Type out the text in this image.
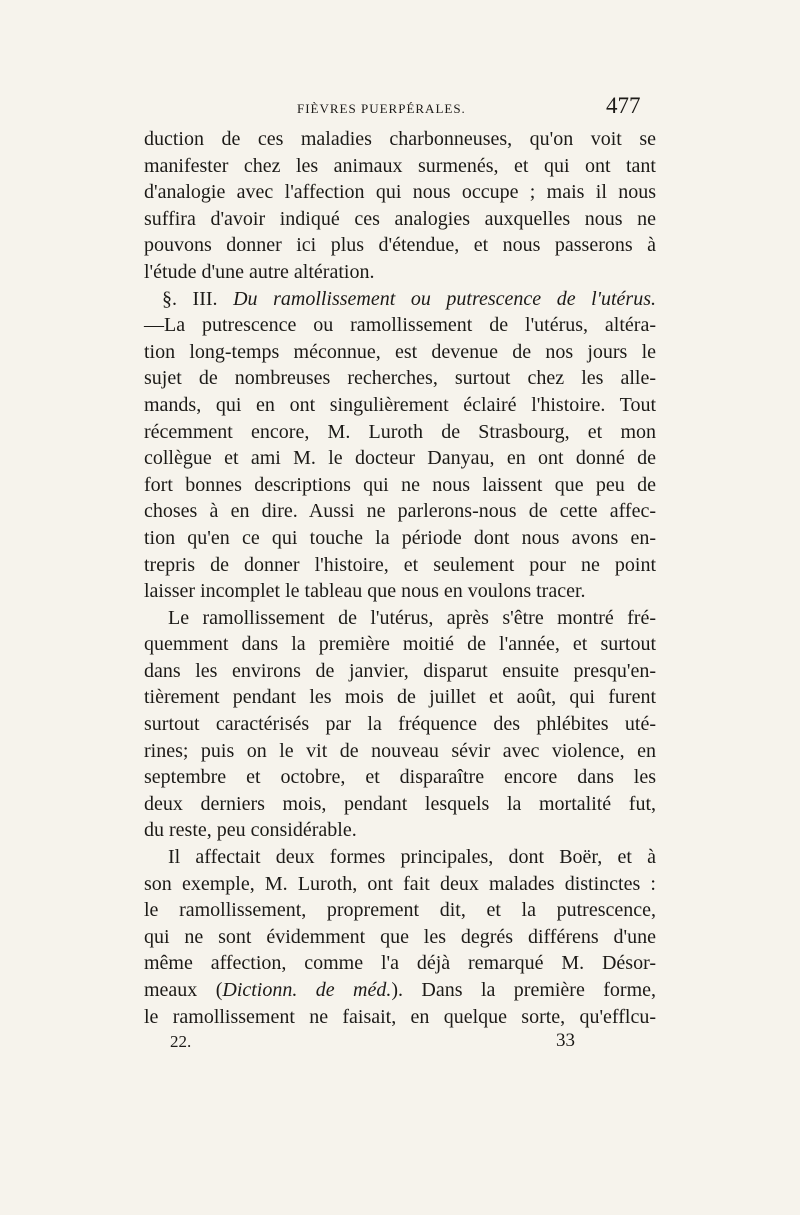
FIÈVRES PUERPÉRALES.	477
duction de ces maladies charbonneuses, qu'on voit se
manifester chez les animaux surmenés, et qui ont tant
d'analogie avec l'affection qui nous occupe ; mais il nous
suffira d'avoir indiqué ces analogies auxquelles nous ne
pouvons donner ici plus d'étendue, et nous passerons à
l'étude d'une autre altération.
§. III. Du ramollissement ou putrescence de l'utérus.
—La putrescence ou ramollissement de l'utérus, altéra-
tion long-temps méconnue, est devenue de nos jours le
sujet de nombreuses recherches, surtout chez les alle-
mands, qui en ont singulièrement éclairé l'histoire. Tout
récemment encore, M. Luroth de Strasbourg, et mon
collègue et ami M. le docteur Danyau, en ont donné de
fort bonnes descriptions qui ne nous laissent que peu de
choses à en dire. Aussi ne parlerons-nous de cette affec-
tion qu'en ce qui touche la période dont nous avons en-
trepris de donner l'histoire, et seulement pour ne point
laisser incomplet le tableau que nous en voulons tracer.
Le ramollissement de l'utérus, après s'être montré fré-
quemment dans la première moitié de l'année, et surtout
dans les environs de janvier, disparut ensuite presqu'en-
tièrement pendant les mois de juillet et août, qui furent
surtout caractérisés par la fréquence des phlébites uté-
rines; puis on le vit de nouveau sévir avec violence, en
septembre et octobre, et disparaître encore dans les
deux derniers mois, pendant lesquels la mortalité fut,
du reste, peu considérable.
Il affectait deux formes principales, dont Boër, et à
son exemple, M. Luroth, ont fait deux malades distinctes :
le ramollissement, proprement dit, et la putrescence,
qui ne sont évidemment que les degrés différens d'une
même affection, comme l'a déjà remarqué M. Désor-
meaux (Dictionn. de méd.). Dans la première forme,
le ramollissement ne faisait, en quelque sorte, qu'efflcu-
22.	33
